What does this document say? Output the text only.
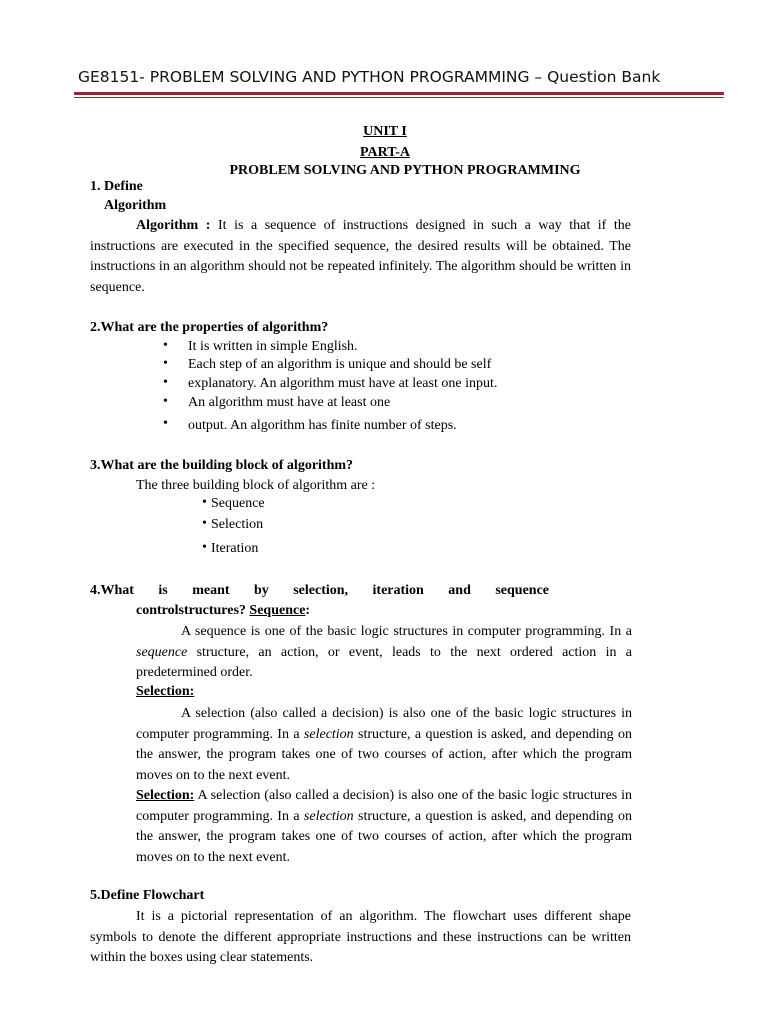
GE8151- PROBLEM SOLVING AND PYTHON PROGRAMMING – Question Bank
UNIT I
PART-A
PROBLEM SOLVING AND PYTHON PROGRAMMING
1. Define
Algorithm
Algorithm : It is a sequence of instructions designed in such a way that if the instructions are executed in the specified sequence, the desired results will be obtained. The instructions in an algorithm should not be repeated infinitely. The algorithm should be written in sequence.
2.What are the properties of algorithm?
• It is written in simple English.
• Each step of an algorithm is unique and should be self
• explanatory. An algorithm must have at least one input.
• An algorithm must have at least one
• output. An algorithm has finite number of steps.
3.What are the building block of algorithm?
The three building block of algorithm are :
• Sequence
• Selection
• Iteration
4.What is meant by selection, iteration and sequence
controlstructures? Sequence:
A sequence is one of the basic logic structures in computer programming. In a sequence structure, an action, or event, leads to the next ordered action in a predetermined order.
Selection:
A selection (also called a decision) is also one of the basic logic structures in computer programming. In a selection structure, a question is asked, and depending on the answer, the program takes one of two courses of action, after which the program moves on to the next event.
Selection: A selection (also called a decision) is also one of the basic logic structures in computer programming. In a selection structure, a question is asked, and depending on the answer, the program takes one of two courses of action, after which the program moves on to the next event.
5.Define Flowchart
It is a pictorial representation of an algorithm. The flowchart uses different shape symbols to denote the different appropriate instructions and these instructions can be written within the boxes using clear statements.
